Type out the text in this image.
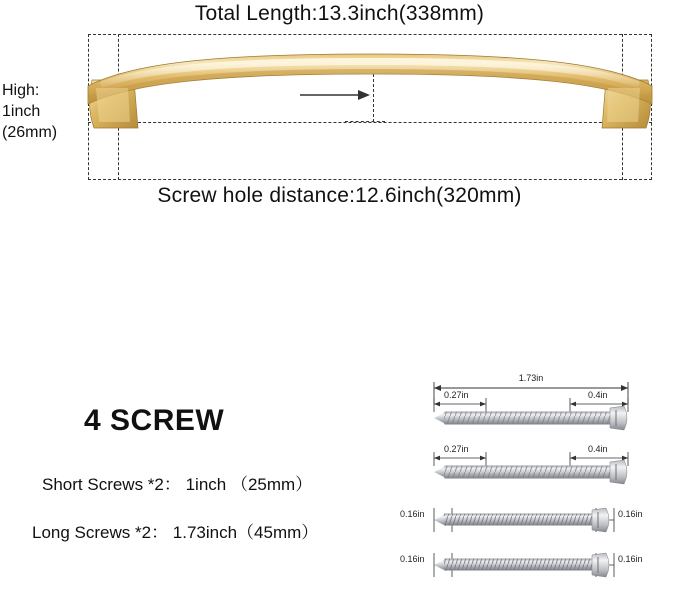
Total Length:13.3inch(338mm)
High:
1inch
(26mm)
Screw hole distance:12.6inch(320mm)
4 SCREW
Short Screws *2： 1inch （25mm）
Long Screws *2： 1.73inch（45mm）
1.73in
0.27in	0.4in
0.27in	0.4in
0.16in	0.16in
0.16in	0.16in
